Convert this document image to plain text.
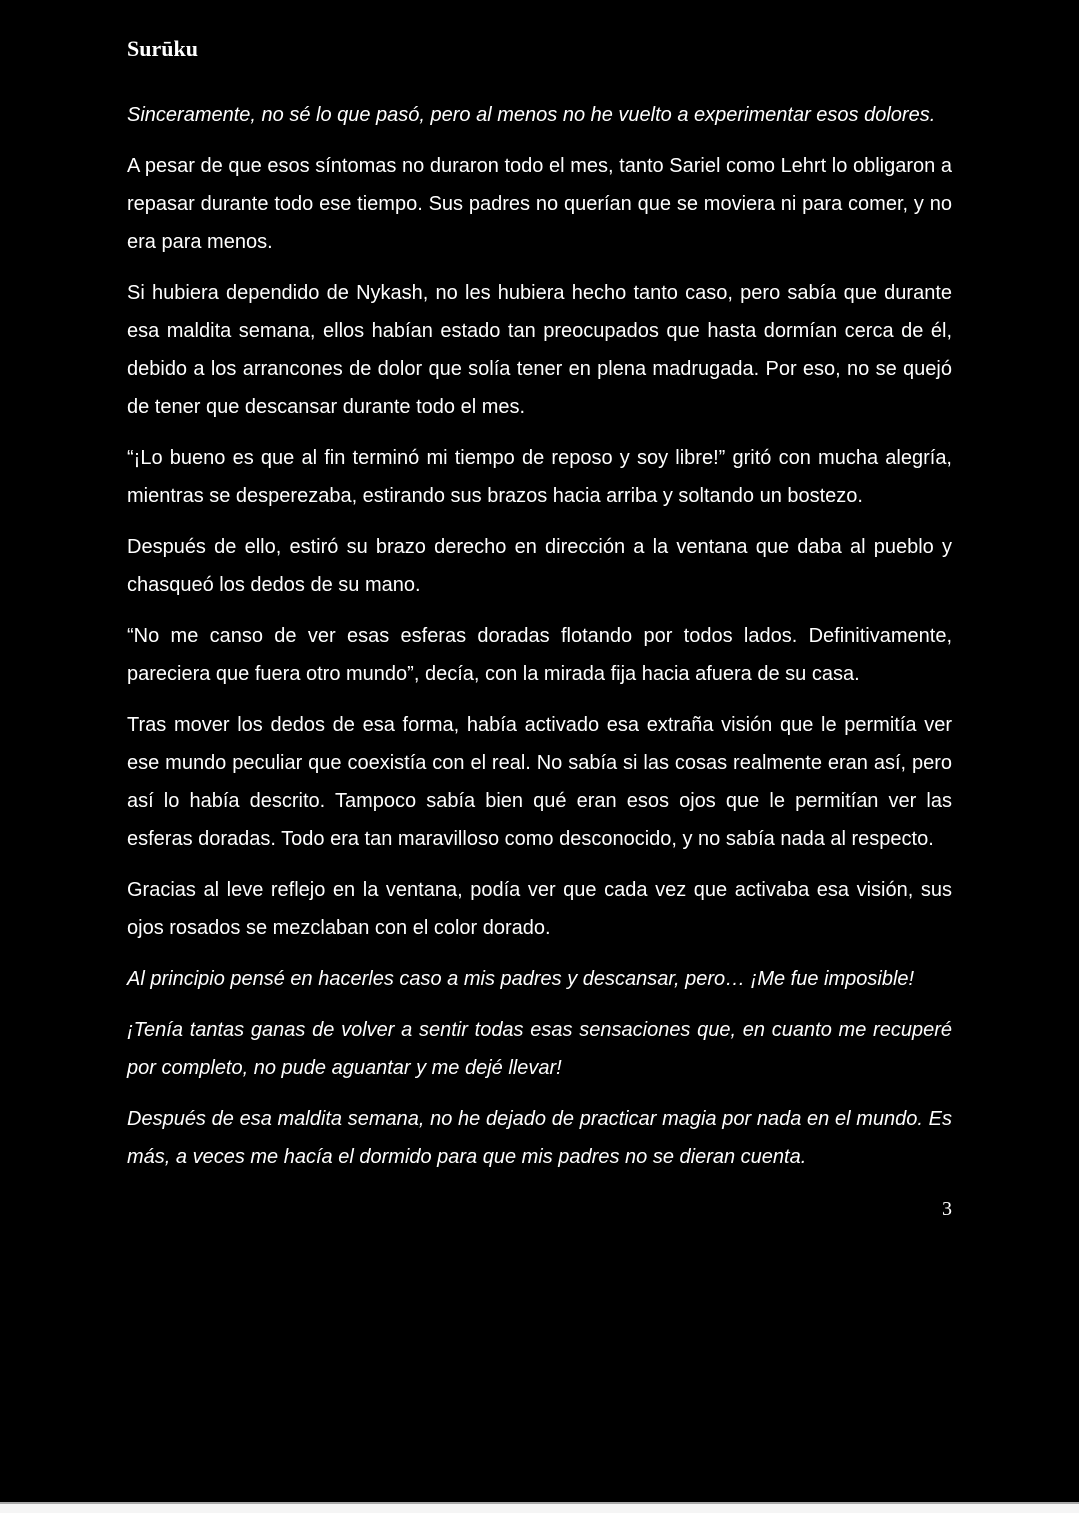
Surūku

Sinceramente, no sé lo que pasó, pero al menos no he vuelto a experimentar esos dolores.

A pesar de que esos síntomas no duraron todo el mes, tanto Sariel como Lehrt lo obligaron a repasar durante todo ese tiempo. Sus padres no querían que se moviera ni para comer, y no era para menos.

Si hubiera dependido de Nykash, no les hubiera hecho tanto caso, pero sabía que durante esa maldita semana, ellos habían estado tan preocupados que hasta dormían cerca de él, debido a los arrancones de dolor que solía tener en plena madrugada. Por eso, no se quejó de tener que descansar durante todo el mes.

“¡Lo bueno es que al fin terminó mi tiempo de reposo y soy libre!” gritó con mucha alegría, mientras se desperezaba, estirando sus brazos hacia arriba y soltando un bostezo.

Después de ello, estiró su brazo derecho en dirección a la ventana que daba al pueblo y chasqueó los dedos de su mano.

“No me canso de ver esas esferas doradas flotando por todos lados. Definitivamente, pareciera que fuera otro mundo”, decía, con la mirada fija hacia afuera de su casa.

Tras mover los dedos de esa forma, había activado esa extraña visión que le permitía ver ese mundo peculiar que coexistía con el real. No sabía si las cosas realmente eran así, pero así lo había descrito. Tampoco sabía bien qué eran esos ojos que le permitían ver las esferas doradas. Todo era tan maravilloso como desconocido, y no sabía nada al respecto.

Gracias al leve reflejo en la ventana, podía ver que cada vez que activaba esa visión, sus ojos rosados se mezclaban con el color dorado.

Al principio pensé en hacerles caso a mis padres y descansar, pero… ¡Me fue imposible!

¡Tenía tantas ganas de volver a sentir todas esas sensaciones que, en cuanto me recuperé por completo, no pude aguantar y me dejé llevar!

Después de esa maldita semana, no he dejado de practicar magia por nada en el mundo. Es más, a veces me hacía el dormido para que mis padres no se dieran cuenta.

3
